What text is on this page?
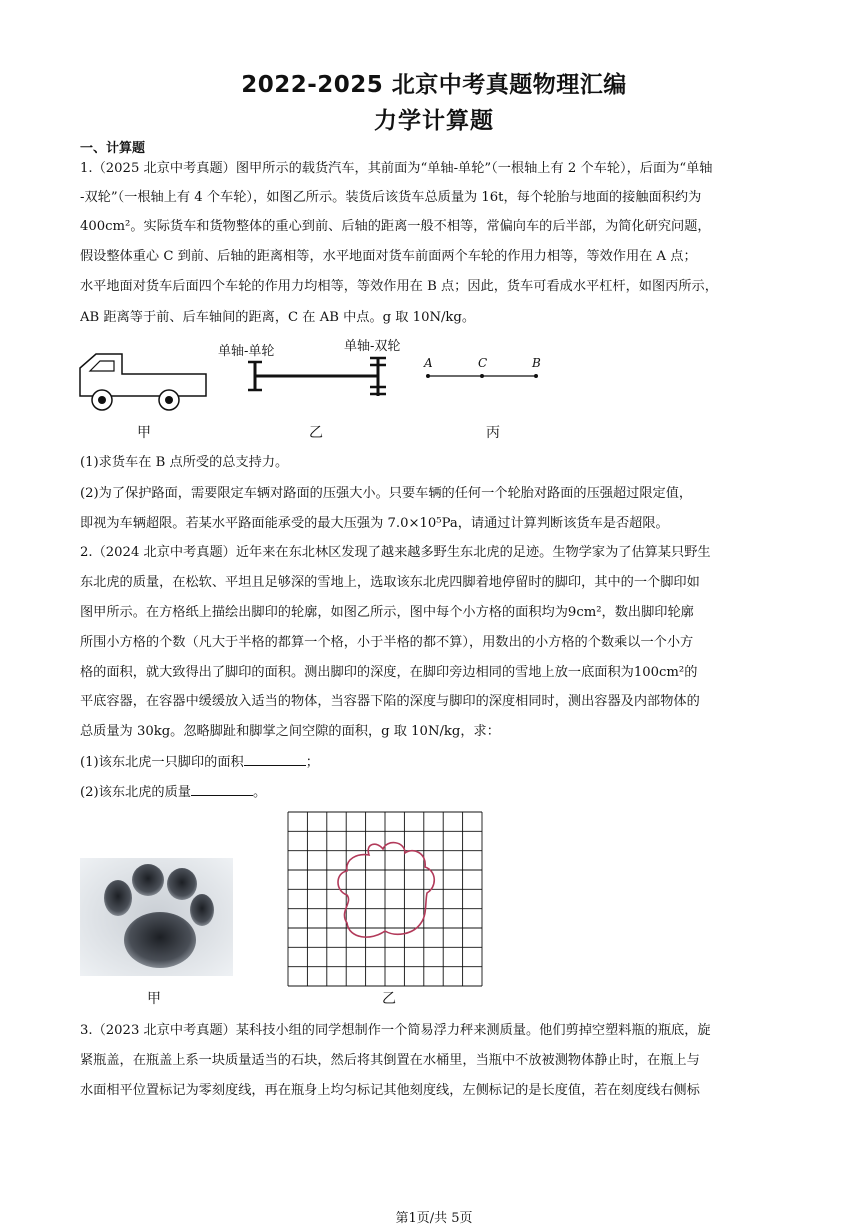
2022-2025 北京中考真题物理汇编
力学计算题
一、计算题
1.（2025 北京中考真题）图甲所示的载货汽车，其前面为“单轴-单轮”（一根轴上有 2 个车轮），后面为“单轴
-双轮”（一根轴上有 4 个车轮），如图乙所示。装货后该货车总质量为 16t，每个轮胎与地面的接触面积约为
400cm²。实际货车和货物整体的重心到前、后轴的距离一般不相等，常偏向车的后半部，为简化研究问题，
假设整体重心 C 到前、后轴的距离相等，水平地面对货车前面两个车轮的作用力相等，等效作用在 A 点；
水平地面对货车后面四个车轮的作用力均相等，等效作用在 B 点；因此，货车可看成水平杠杆，如图丙所示，
AB 距离等于前、后车轴间的距离，C 在 AB 中点。g 取 10N/kg。
单轴-单轮	单轴-双轮
A	C	B
甲	乙	丙
(1)求货车在 B 点所受的总支持力。
(2)为了保护路面，需要限定车辆对路面的压强大小。只要车辆的任何一个轮胎对路面的压强超过限定值，
即视为车辆超限。若某水平路面能承受的最大压强为 7.0×10⁵Pa，请通过计算判断该货车是否超限。
2.（2024 北京中考真题）近年来在东北林区发现了越来越多野生东北虎的足迹。生物学家为了估算某只野生
东北虎的质量，在松软、平坦且足够深的雪地上，选取该东北虎四脚着地停留时的脚印，其中的一个脚印如
图甲所示。在方格纸上描绘出脚印的轮廓，如图乙所示，图中每个小方格的面积均为9cm²，数出脚印轮廓
所围小方格的个数（凡大于半格的都算一个格，小于半格的都不算），用数出的小方格的个数乘以一个小方
格的面积，就大致得出了脚印的面积。测出脚印的深度，在脚印旁边相同的雪地上放一底面积为100cm²的
平底容器，在容器中缓缓放入适当的物体，当容器下陷的深度与脚印的深度相同时，测出容器及内部物体的
总质量为 30kg。忽略脚趾和脚掌之间空隙的面积，g 取 10N/kg，求：
(1)该东北虎一只脚印的面积	；
(2)该东北虎的质量	。
甲	乙
3.（2023 北京中考真题）某科技小组的同学想制作一个简易浮力秤来测质量。他们剪掉空塑料瓶的瓶底，旋
紧瓶盖，在瓶盖上系一块质量适当的石块，然后将其倒置在水桶里，当瓶中不放被测物体静止时，在瓶上与
水面相平位置标记为零刻度线，再在瓶身上均匀标记其他刻度线，左侧标记的是长度值，若在刻度线右侧标
第1页/共 5页
